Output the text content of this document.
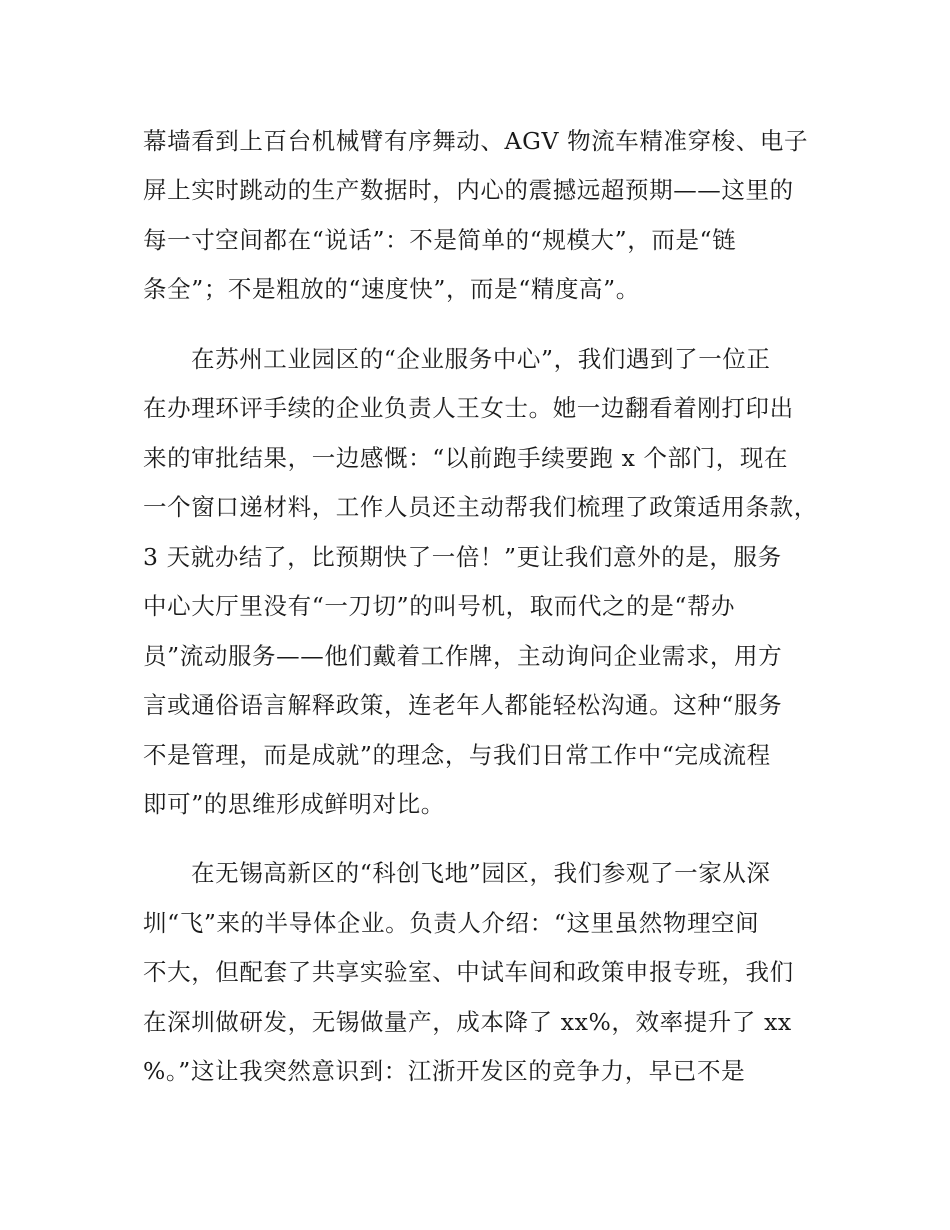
幕墙看到上百台机械臂有序舞动、AGV 物流车精准穿梭、电子
屏上实时跳动的生产数据时，内心的震撼远超预期——这里的
每一寸空间都在“说话”：不是简单的“规模大”，而是“链
条全”；不是粗放的“速度快”，而是“精度高”。
在苏州工业园区的“企业服务中心”，我们遇到了一位正
在办理环评手续的企业负责人王女士。她一边翻看着刚打印出
来的审批结果，一边感慨：“以前跑手续要跑 x 个部门，现在
一个窗口递材料，工作人员还主动帮我们梳理了政策适用条款，
3 天就办结了，比预期快了一倍！”更让我们意外的是，服务
中心大厅里没有“一刀切”的叫号机，取而代之的是“帮办
员”流动服务——他们戴着工作牌，主动询问企业需求，用方
言或通俗语言解释政策，连老年人都能轻松沟通。这种“服务
不是管理，而是成就”的理念，与我们日常工作中“完成流程
即可”的思维形成鲜明对比。
在无锡高新区的“科创飞地”园区，我们参观了一家从深
圳“飞”来的半导体企业。负责人介绍：“这里虽然物理空间
不大，但配套了共享实验室、中试车间和政策申报专班，我们
在深圳做研发，无锡做量产，成本降了 xx%，效率提升了 xx
%。”这让我突然意识到：江浙开发区的竞争力，早已不是
